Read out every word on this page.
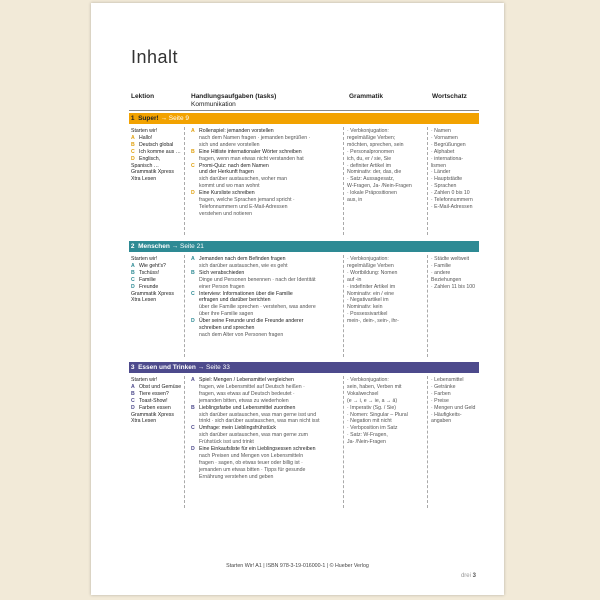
Inhalt
Lektion	Handlungsaufgaben (tasks)
Kommunikation
Grammatik	Wortschatz
1 Super! → Seite 9
Starten wir!
A Hallo!
B Deutsch global
C Ich komme aus …
D Englisch,
Spanisch …
Grammatik Xpress
Xtra Lesen
A Rollenspiel: jemanden vorstellen
nach dem Namen fragen · jemanden begrüßen ·
sich und andere vorstellen
B Eine Hitliste internationaler Wörter schreiben
fragen, wenn man etwas nicht verstanden hat
C Promi-Quiz: nach dem Namen
und der Herkunft fragen
sich darüber austauschen, woher man
kommt und wo man wohnt
D Eine Kursliste schreiben
fragen, welche Sprachen jemand spricht ·
Telefonnummern und E-Mail-Adressen
verstehen und notieren
· Verbkonjugation:
regelmäßige Verben;
möchten, sprechen, sein
· Personalpronomen
ich, du, er / sie, Sie
· definiter Artikel im
Nominativ: der, das, die
· Satz: Aussagesatz,
W-Fragen, Ja- /Nein-Fragen
· lokale Präpositionen
aus, in
· Namen
· Vornamen
· Begrüßungen
· Alphabet
· internationa-
lismen
· Länder
· Hauptstädte
· Sprachen
· Zahlen 0 bis 10
· Telefonnummern
· E-Mail-Adressen
2 Menschen → Seite 21
Starten wir!
A Wie geht's?
B Tschüss!
C Familie
D Freunde
Grammatik Xpress
Xtra Lesen
A Jemanden nach dem Befinden fragen
sich darüber austauschen, wie es geht
B Sich verabschieden
Dinge und Personen benennen · nach der Identität
einer Person fragen
C Interview: Informationen über die Familie
erfragen und darüber berichten
über die Familie sprechen · verstehen, was andere
über ihre Familie sagen
D Über seine Freunde und die Freunde anderer
schreiben und sprechen
nach dem Alter von Personen fragen
· Verbkonjugation:
regelmäßige Verben
· Wortbildung: Nomen
auf -in
· indefiniter Artikel im
Nominativ: ein / eine
· Negativartikel im
Nominativ: kein
· Possessivartikel
mein-, dein-, sein-, ihr-
· Städte weltweit
· Familie
· andere
Beziehungen
· Zahlen 11 bis 100
3 Essen und Trinken → Seite 33
Starten wir!
A Obst und Gemüse
B Tiere essen?
C Toast-Show!
D Farben essen
Grammatik Xpress
Xtra Lesen
A Spiel: Mengen / Lebensmittel vergleichen
fragen, wie Lebensmittel auf Deutsch heißen ·
fragen, was etwas auf Deutsch bedeutet ·
jemanden bitten, etwas zu wiederholen
B Lieblingsfarbe und Lebensmittel zuordnen
sich darüber austauschen, was man gerne isst und
trinkt · sich darüber austauschen, was man nicht isst
C Umfrage: mein Lieblingsfrühstück
sich darüber austauschen, was man gerne zum
Frühstück isst und trinkt
D Eine Einkaufsliste für ein Lieblingsessen schreiben
nach Preisen und Mengen von Lebensmitteln
fragen · sagen, ob etwas teuer oder billig ist ·
jemanden um etwas bitten · Tipps für gesunde
Ernährung verstehen und geben
· Verbkonjugation:
sein, haben, Verben mit
Vokalwechsel
(e → i, e → ie, a → ä)
· Imperativ (Sg. / Sie)
· Nomen: Singular – Plural
· Negation mit nicht
· Verbposition im Satz
· Satz: W-Fragen,
Ja- /Nein-Fragen
· Lebensmittel
· Getränke
· Farben
· Preise
· Mengen und Geld
· Häufigkeits-
angaben
Starten Wir! A1 | ISBN 978-3-19-016000-1 | © Hueber Verlog
drei 3
